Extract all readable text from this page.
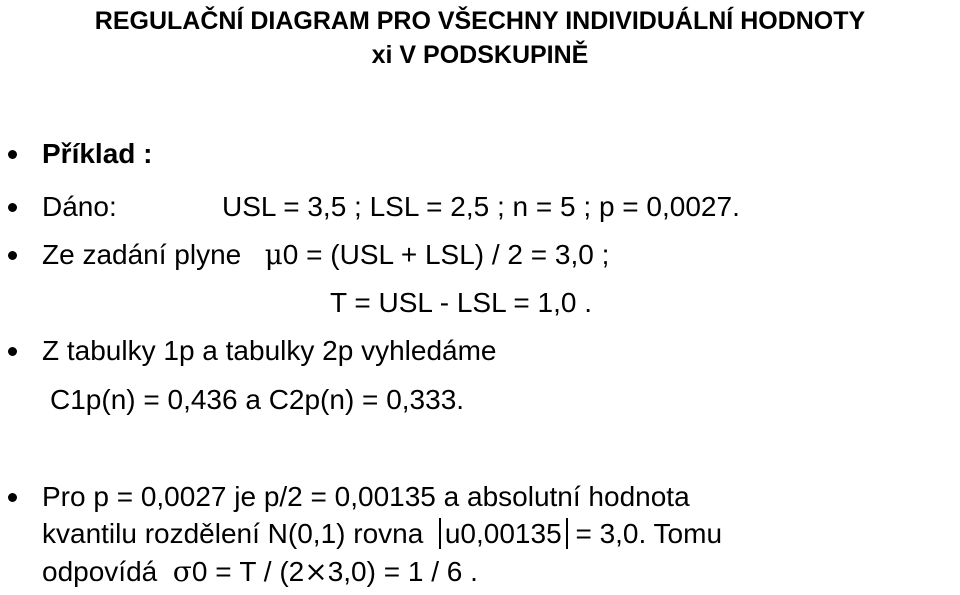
REGULAČNÍ DIAGRAM PRO VŠECHNY INDIVIDUÁLNÍ HODNOTY
xi V PODSKUPINĚ
Příklad :
Dáno:	USL = 3,5 ; LSL = 2,5 ; n = 5 ; p = 0,0027.
Ze zadání plyne μ0 = (USL + LSL) / 2 = 3,0 ;
T = USL - LSL = 1,0 .
Z tabulky 1p a tabulky 2p vyhledáme
C1p(n) = 0,436 a C2p(n) = 0,333.
Pro p = 0,0027 je p/2 = 0,00135 a absolutní hodnota
kvantilu rozdělení N(0,1) rovna u0,00135 = 3,0. Tomu
odpovídá σ0 = T / (2×3,0) = 1 / 6 .
